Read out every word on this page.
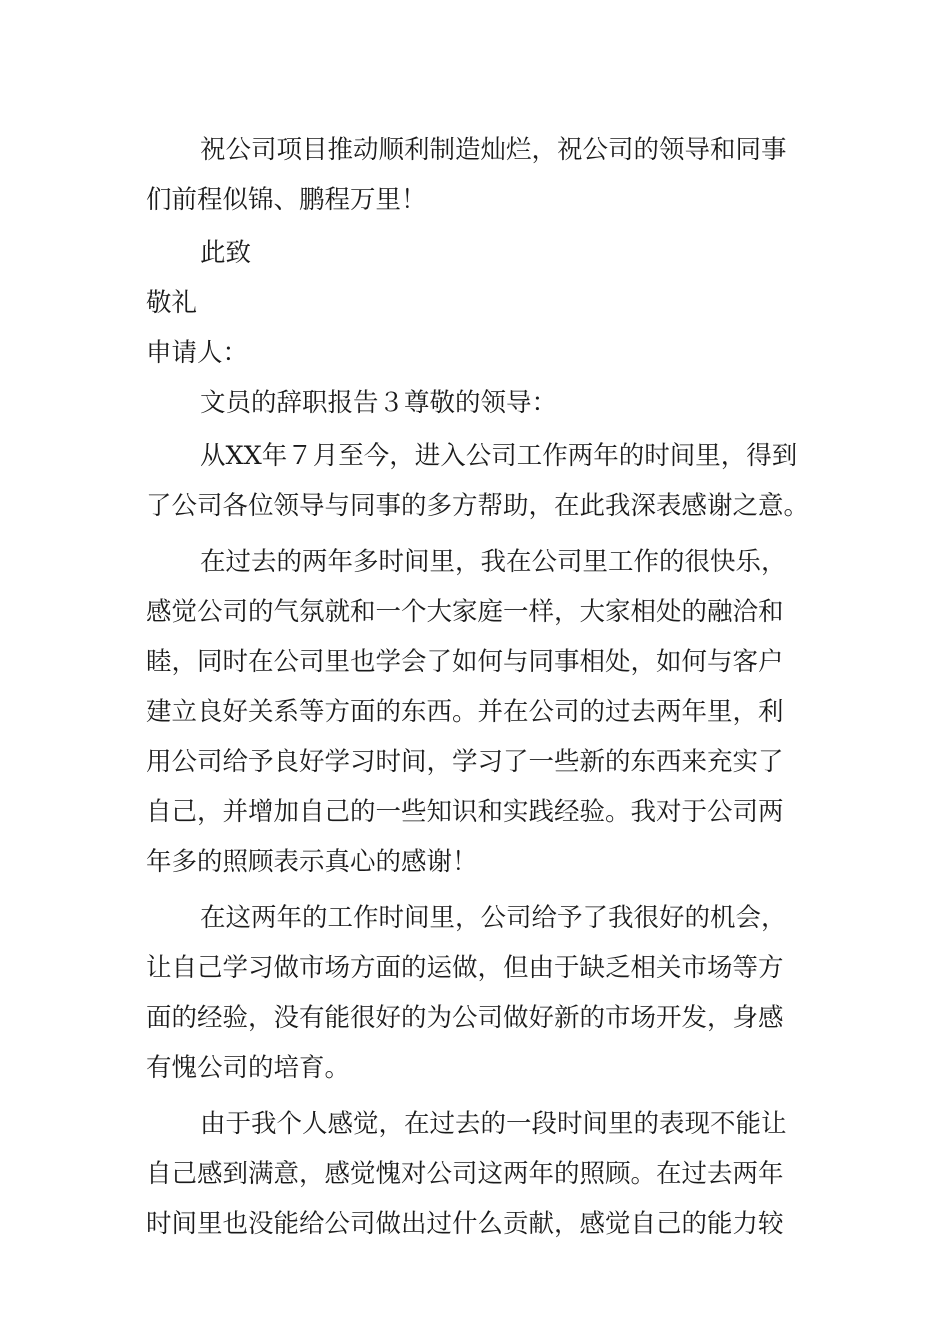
祝公司项目推动顺利制造灿烂，祝公司的领导和同事
们前程似锦、鹏程万里！
此致
敬礼
申请人：
文员的辞职报告３尊敬的领导：
从XX年７月至今，进入公司工作两年的时间里，得到
了公司各位领导与同事的多方帮助，在此我深表感谢之意。
在过去的两年多时间里，我在公司里工作的很快乐，
感觉公司的气氛就和一个大家庭一样，大家相处的融洽和
睦，同时在公司里也学会了如何与同事相处，如何与客户
建立良好关系等方面的东西。并在公司的过去两年里，利
用公司给予良好学习时间，学习了一些新的东西来充实了
自己，并增加自己的一些知识和实践经验。我对于公司两
年多的照顾表示真心的感谢！
在这两年的工作时间里，公司给予了我很好的机会，
让自己学习做市场方面的运做，但由于缺乏相关市场等方
面的经验，没有能很好的为公司做好新的市场开发，身感
有愧公司的培育。
由于我个人感觉，在过去的一段时间里的表现不能让
自己感到满意，感觉愧对公司这两年的照顾。在过去两年
时间里也没能给公司做出过什么贡献，感觉自己的能力较
